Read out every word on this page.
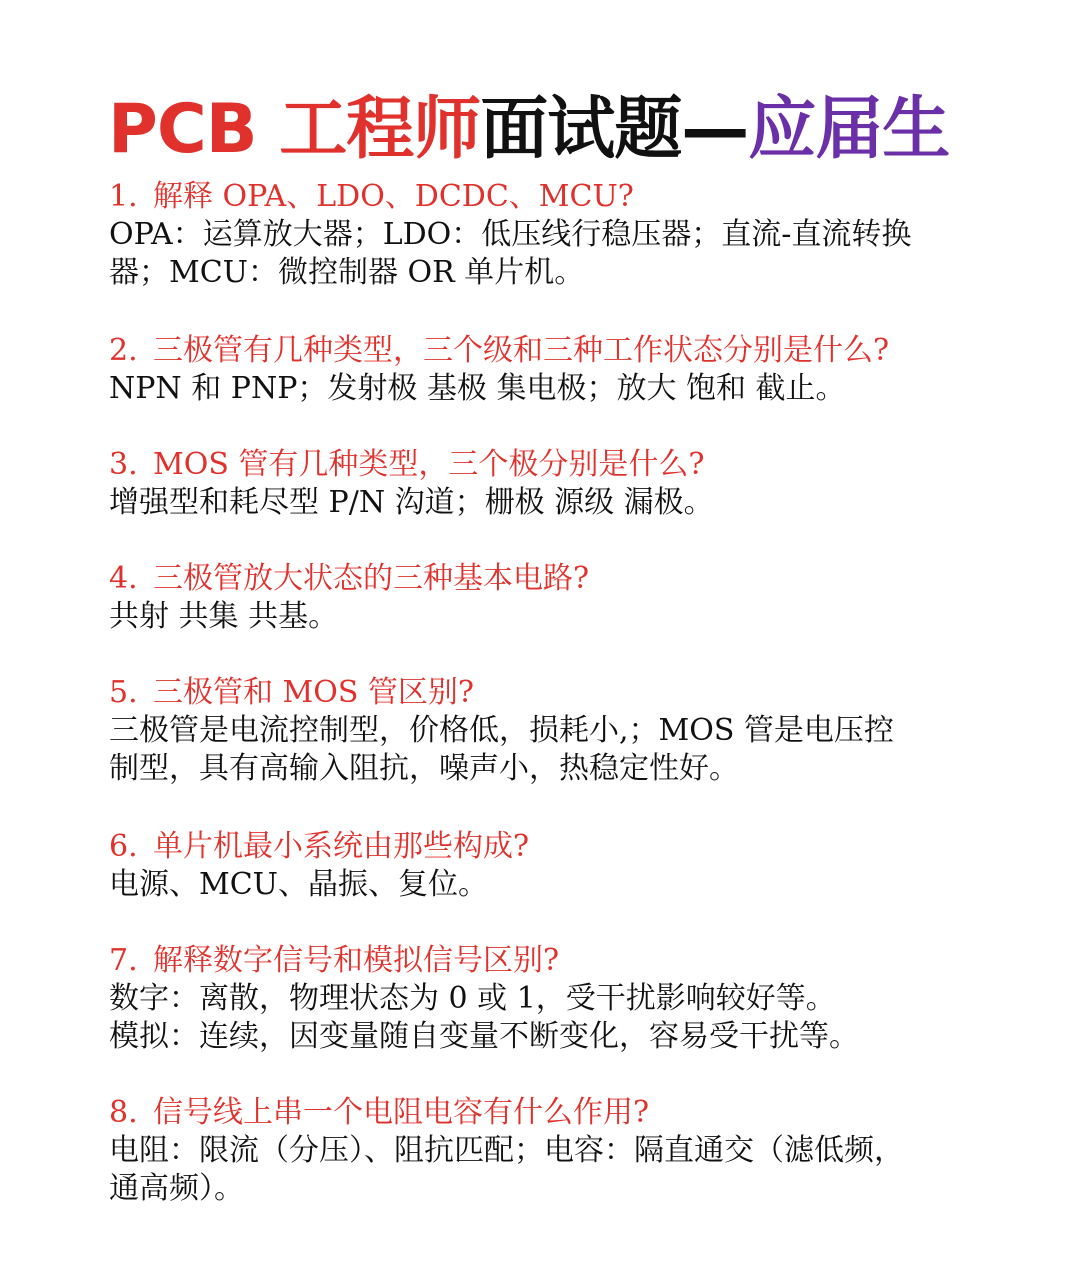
PCB 工程师面试题—应届生

1. 解释 OPA、LDO、DCDC、MCU?

OPA：运算放大器；LDO：低压线行稳压器；直流-直流转换

器；MCU：微控制器 OR 单片机。

2. 三极管有几种类型，三个级和三种工作状态分别是什么?

NPN 和 PNP；发射极 基极 集电极；放大 饱和 截止。

3. MOS 管有几种类型，三个极分别是什么?

增强型和耗尽型 P/N 沟道；栅极 源级 漏极。

4. 三极管放大状态的三种基本电路?

共射 共集 共基。

5. 三极管和 MOS 管区别?

三极管是电流控制型，价格低，损耗小,；MOS 管是电压控

制型，具有高输入阻抗，噪声小，热稳定性好。

6. 单片机最小系统由那些构成?

电源、MCU、晶振、复位。

7. 解释数字信号和模拟信号区别?

数字：离散，物理状态为 0 或 1，受干扰影响较好等。

模拟：连续，因变量随自变量不断变化，容易受干扰等。

8. 信号线上串一个电阻电容有什么作用?

电阻：限流（分压）、阻抗匹配；电容：隔直通交（滤低频，

通高频）。
